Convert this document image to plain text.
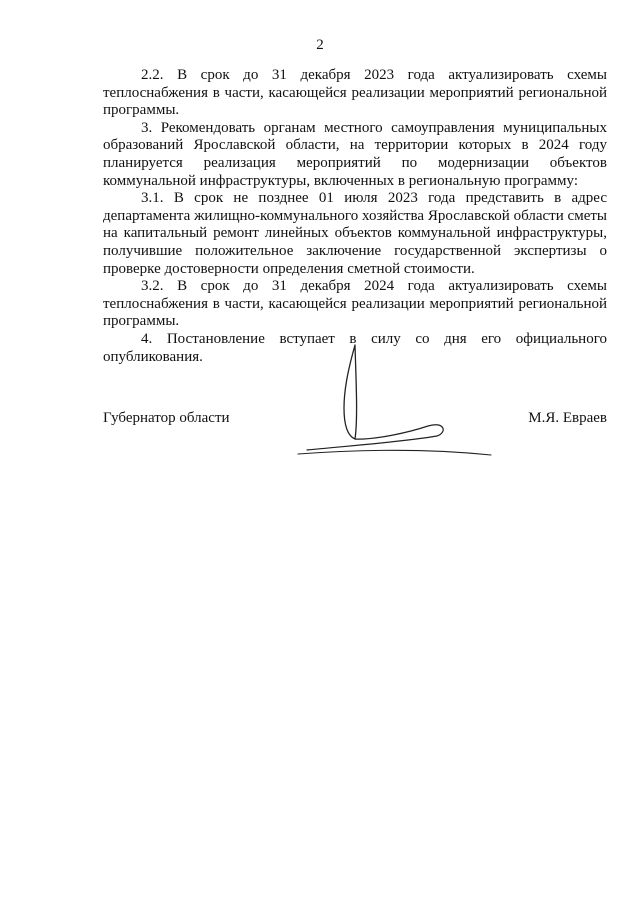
2

2.2. В срок до 31 декабря 2023 года актуализировать схемы теплоснабжения в части, касающейся реализации мероприятий региональной программы.

3. Рекомендовать органам местного самоуправления муниципальных образований Ярославской области, на территории которых в 2024 году планируется реализация мероприятий по модернизации объектов коммунальной инфраструктуры, включенных в региональную программу:

3.1. В срок не позднее 01 июля 2023 года представить в адрес департамента жилищно-коммунального хозяйства Ярославской области сметы на капитальный ремонт линейных объектов коммунальной инфраструктуры, получившие положительное заключение государственной экспертизы о проверке достоверности определения сметной стоимости.

3.2. В срок до 31 декабря 2024 года актуализировать схемы теплоснабжения в части, касающейся реализации мероприятий региональной программы.

4. Постановление вступает в силу со дня его официального опубликования.

Губернатор области	М.Я. Евраев
